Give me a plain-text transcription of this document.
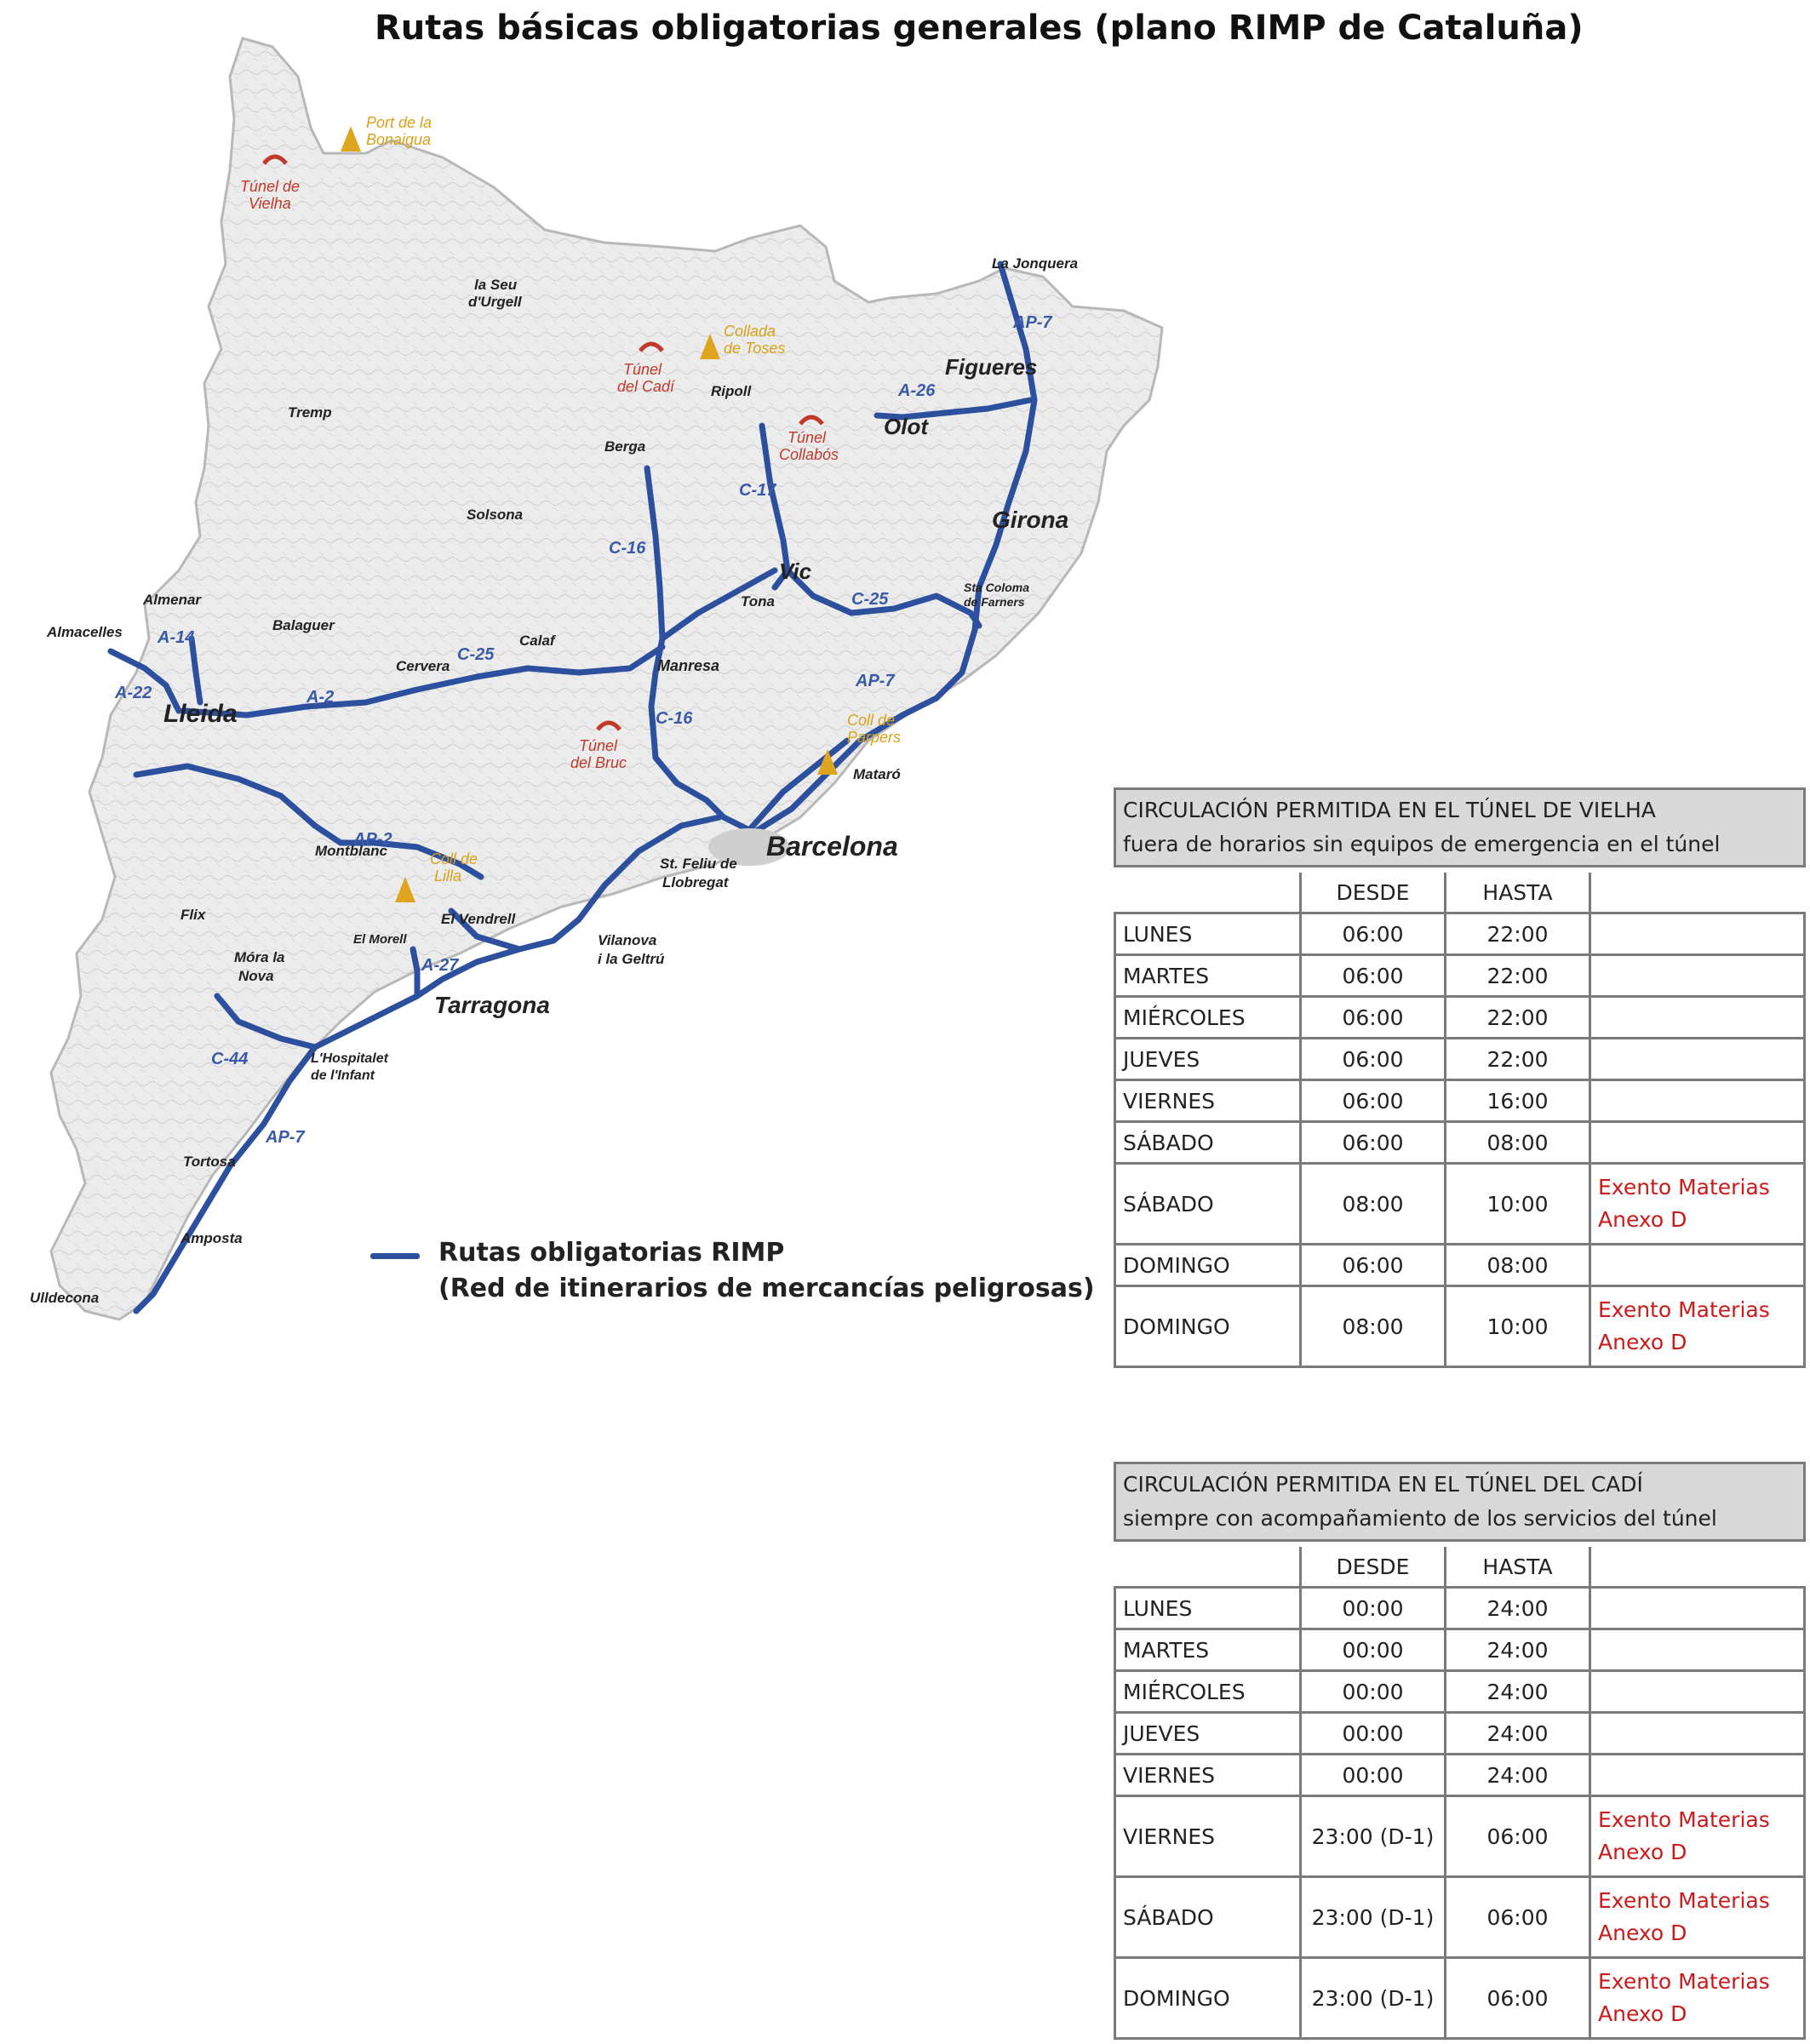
Rutas básicas obligatorias generales (plano RIMP de Cataluña)
Port de la
Bonaigua
Túnel de
Vielha
Collada
de Toses
Túnel
del Cadí
Túnel
Collabós
Coll de
Parpers
Túnel
del Bruc
Coll de
Lilla
AP-7
A-26
C-17
C-16
C-25
A-14
C-25
A-22	A-2
C-16
AP-7
AP-2
A-27
C-44
AP-7
Lleida
Barcelona
Tarragona
Girona
Figueres
Olot
Vic
Manresa
La Jonquera
la Seu
d'Urgell
Tremp
Ripoll
Berga
Solsona
Balaguer
Almenar
Almacelles
Cervera
Calaf
Tona
Sta Coloma
de Farners
Mataró
St. Feliu de
Llobregat
Vilanova
i la Geltrú
El Vendrell
Montblanc
El Morell
Flix
Móra la
Nova
L'Hospitalet
de l'Infant
Tortosa
Amposta
Ulldecona
Rutas obligatorias RIMP
(Red de itinerarios de mercancías peligrosas)
CIRCULACIÓN PERMITIDA EN EL TÚNEL DE VIELHA
fuera de horarios sin equipos de emergencia en el túnel			

	DESDE	HASTA	
LUNES	06:00	22:00	
MARTES	06:00	22:00	
MIÉRCOLES	06:00	22:00	
JUEVES	06:00	22:00	
VIERNES	06:00	16:00	
SÁBADO	06:00	08:00	
SÁBADO	08:00	10:00	Exento Materias Anexo D
DOMINGO	06:00	08:00	
DOMINGO	08:00	10:00	Exento Materias Anexo D
CIRCULACIÓN PERMITIDA EN EL TÚNEL DEL CADÍ
siempre con acompañamiento de los servicios del túnel			

	DESDE	HASTA	
LUNES	00:00	24:00	
MARTES	00:00	24:00	
MIÉRCOLES	00:00	24:00	
JUEVES	00:00	24:00	
VIERNES	00:00	24:00	
VIERNES	23:00 (D-1)	06:00	Exento Materias Anexo D
SÁBADO	23:00 (D-1)	06:00	Exento Materias Anexo D
DOMINGO	23:00 (D-1)	06:00	Exento Materias Anexo D
